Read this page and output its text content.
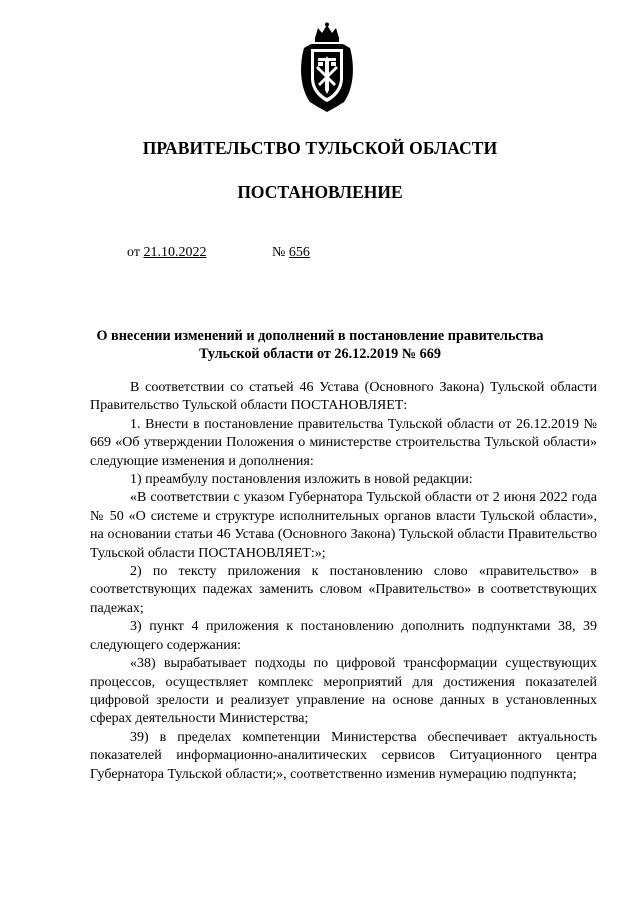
ПРАВИТЕЛЬСТВО ТУЛЬСКОЙ ОБЛАСТИ
ПОСТАНОВЛЕНИЕ
от 21.10.2022	№ 656
О внесении изменений и дополнений в постановление правительства
Тульской области от 26.12.2019 № 669

В соответствии со статьей 46 Устава (Основного Закона) Тульской области Правительство Тульской области ПОСТАНОВЛЯЕТ:

1. Внести в постановление правительства Тульской области от 26.12.2019 № 669 «Об утверждении Положения о министерстве строительства Тульской области» следующие изменения и дополнения:

1) преамбулу постановления изложить в новой редакции:

«В соответствии с указом Губернатора Тульской области от 2 июня 2022 года № 50 «О системе и структуре исполнительных органов власти Тульской области», на основании статьи 46 Устава (Основного Закона) Тульской области Правительство Тульской области ПОСТАНОВЛЯЕТ:»;

2) по тексту приложения к постановлению слово «правительство» в соответствующих падежах заменить словом «Правительство» в соответствующих падежах;

3) пункт 4 приложения к постановлению дополнить подпунктами 38, 39 следующего содержания:

«38) вырабатывает подходы по цифровой трансформации существующих процессов, осуществляет комплекс мероприятий для достижения показателей цифровой зрелости и реализует управление на основе данных в установленных сферах деятельности Министерства;

39) в пределах компетенции Министерства обеспечивает актуальность показателей информационно-аналитических сервисов Ситуационного центра Губернатора Тульской области;», соответственно изменив нумерацию подпункта;
